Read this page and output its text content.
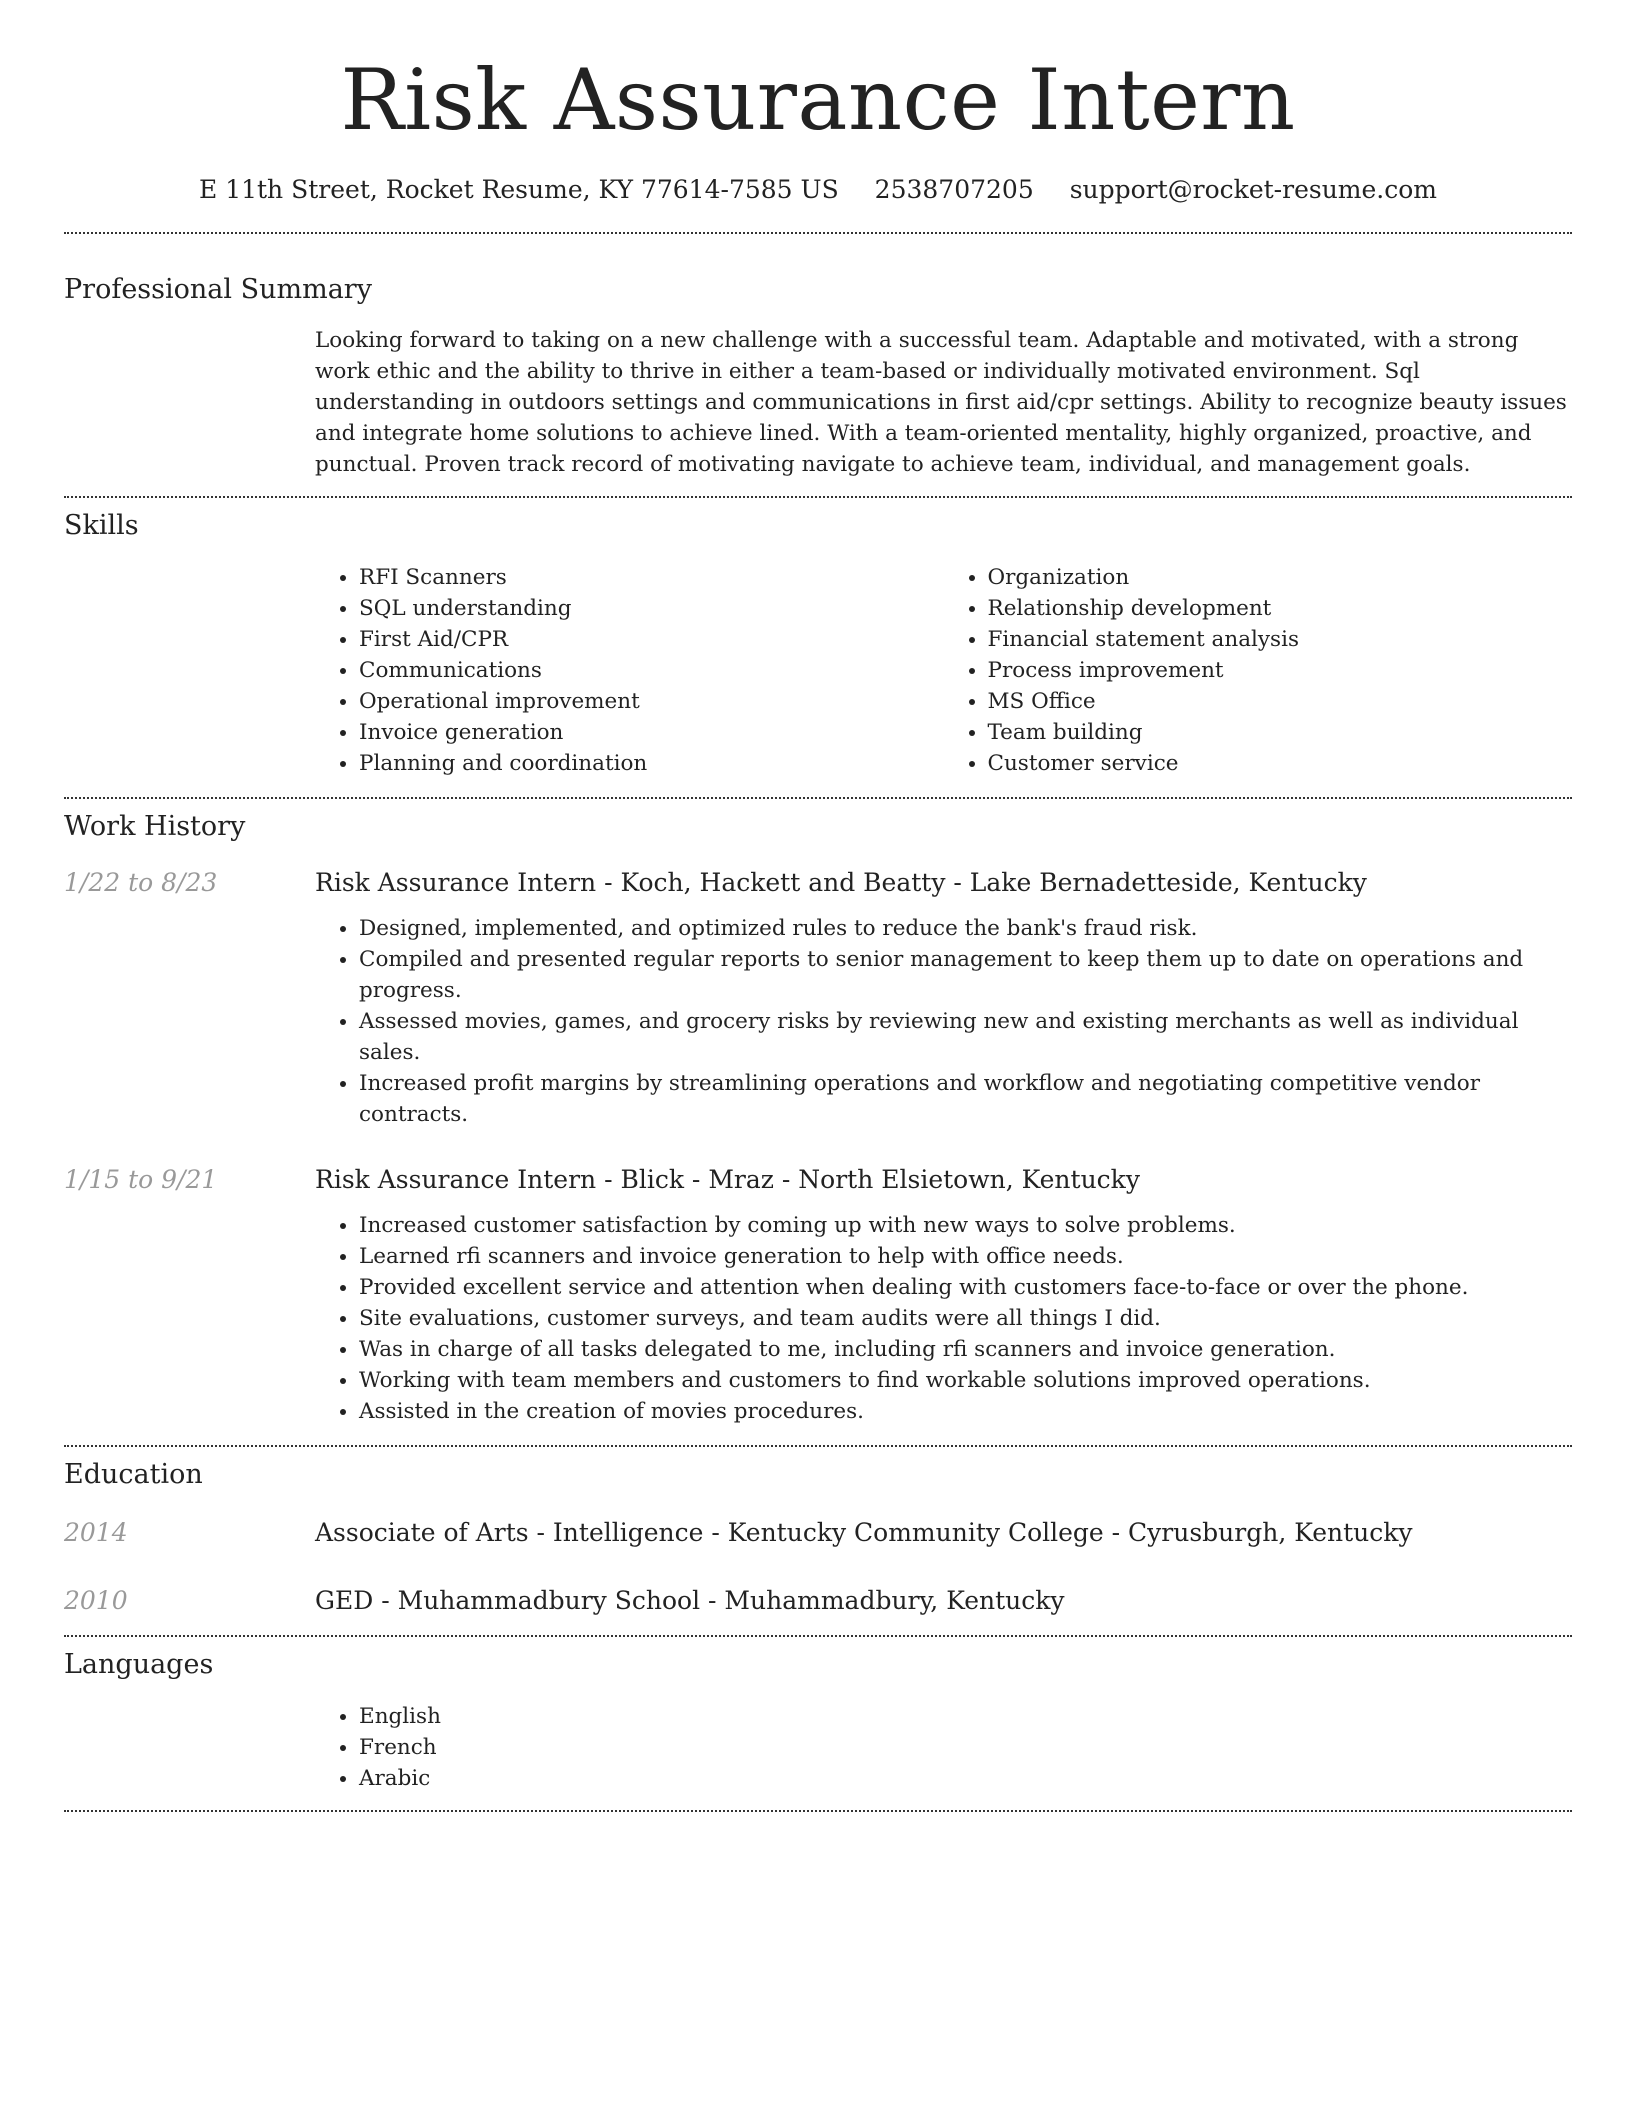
Risk Assurance Intern
E 11th Street, Rocket Resume, KY 77614-7585 US 2538707205 support@rocket-resume.com
Professional Summary

Looking forward to taking on a new challenge with a successful team. Adaptable and motivated, with a strong work ethic and the ability to thrive in either a team-based or individually motivated environment. Sql understanding in outdoors settings and communications in first aid/cpr settings. Ability to recognize beauty issues and integrate home solutions to achieve lined. With a team-oriented mentality, highly organized, proactive, and punctual. Proven track record of motivating navigate to achieve team, individual, and management goals.

Skills
• RFI Scanners
• SQL understanding
• First Aid/CPR
• Communications
• Operational improvement
• Invoice generation
• Planning and coordination
• Organization
• Relationship development
• Financial statement analysis
• Process improvement
• MS Office
• Team building
• Customer service
Work History
1/22 to 8/23	Risk Assurance Intern - Koch, Hackett and Beatty - Lake Bernadetteside, Kentucky
• Designed, implemented, and optimized rules to reduce the bank's fraud risk.
• Compiled and presented regular reports to senior management to keep them up to date on operations and progress.
• Assessed movies, games, and grocery risks by reviewing new and existing merchants as well as individual sales.
• Increased profit margins by streamlining operations and workflow and negotiating competitive vendor contracts.
1/15 to 9/21	Risk Assurance Intern - Blick - Mraz - North Elsietown, Kentucky
• Increased customer satisfaction by coming up with new ways to solve problems.
• Learned rfi scanners and invoice generation to help with office needs.
• Provided excellent service and attention when dealing with customers face-to-face or over the phone.
• Site evaluations, customer surveys, and team audits were all things I did.
• Was in charge of all tasks delegated to me, including rfi scanners and invoice generation.
• Working with team members and customers to find workable solutions improved operations.
• Assisted in the creation of movies procedures.
Education
2014	Associate of Arts - Intelligence - Kentucky Community College - Cyrusburgh, Kentucky
2010	GED - Muhammadbury School - Muhammadbury, Kentucky
Languages
• English
• French
• Arabic
